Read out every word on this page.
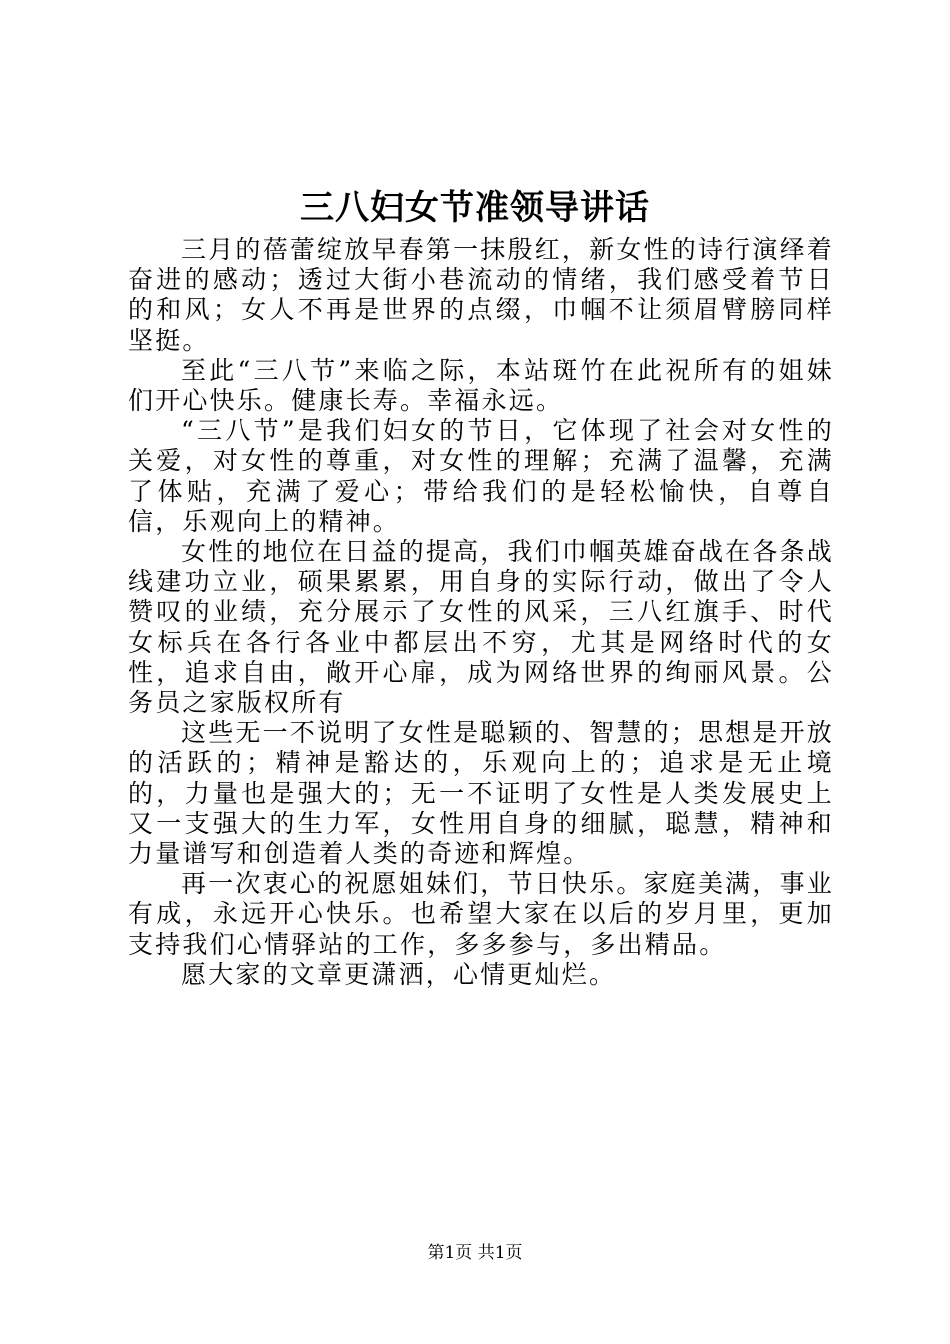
三八妇女节准领导讲话

三月的蓓蕾绽放早春第一抹殷红，新女性的诗行演绎着奋进的感动；透过大街小巷流动的情绪，我们感受着节日的和风；女人不再是世界的点缀，巾帼不让须眉臂膀同样坚挺。

至此“三八节”来临之际，本站斑竹在此祝所有的姐妹们开心快乐。健康长寿。幸福永远。

“三八节”是我们妇女的节日，它体现了社会对女性的关爱，对女性的尊重，对女性的理解；充满了温馨，充满了体贴，充满了爱心；带给我们的是轻松愉快，自尊自信，乐观向上的精神。

女性的地位在日益的提高，我们巾帼英雄奋战在各条战线建功立业，硕果累累，用自身的实际行动，做出了令人赞叹的业绩，充分展示了女性的风采，三八红旗手、时代女标兵在各行各业中都层出不穷，尤其是网络时代的女性，追求自由，敞开心扉，成为网络世界的绚丽风景。公务员之家版权所有

这些无一不说明了女性是聪颖的、智慧的；思想是开放的活跃的；精神是豁达的，乐观向上的；追求是无止境的，力量也是强大的；无一不证明了女性是人类发展史上又一支强大的生力军，女性用自身的细腻，聪慧，精神和力量谱写和创造着人类的奇迹和辉煌。

再一次衷心的祝愿姐妹们，节日快乐。家庭美满，事业有成，永远开心快乐。也希望大家在以后的岁月里，更加支持我们心情驿站的工作，多多参与，多出精品。

愿大家的文章更潇洒，心情更灿烂。

第1页 共1页
